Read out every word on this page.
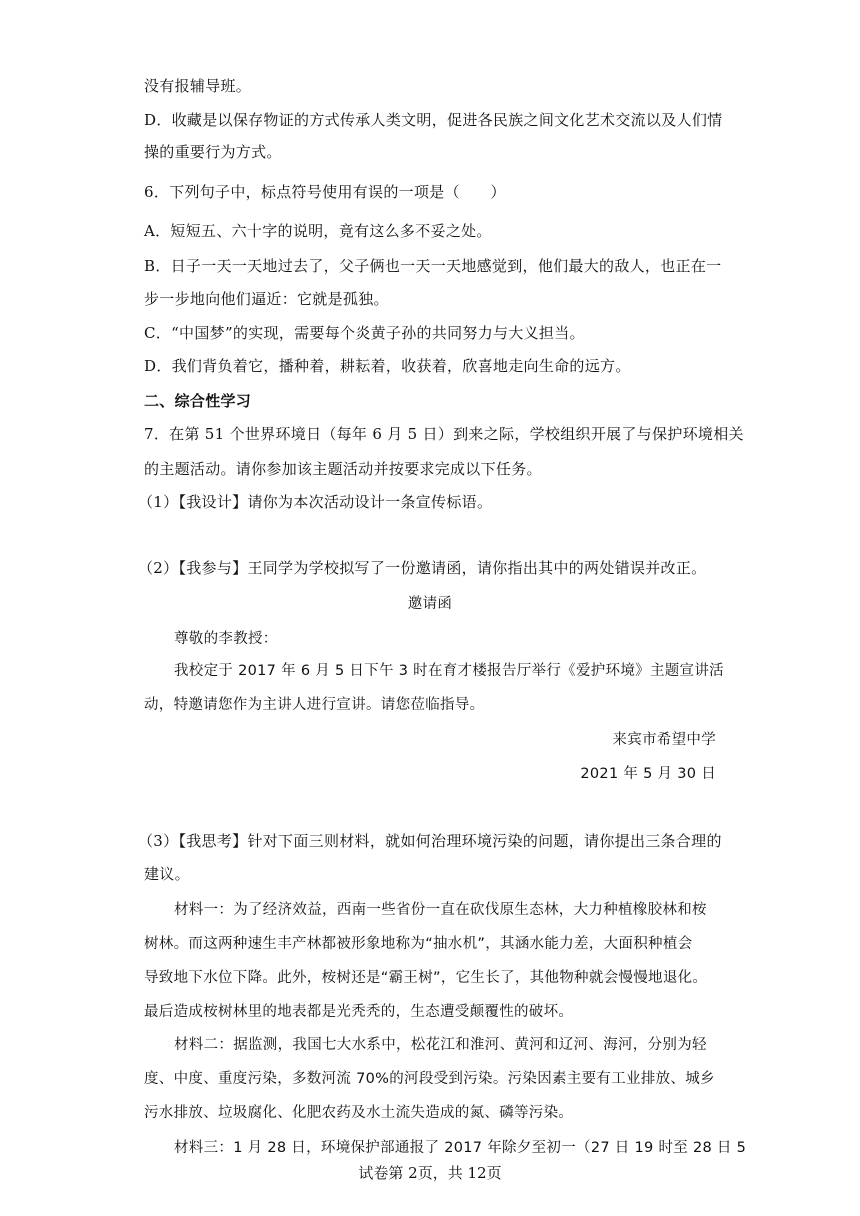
没有报辅导班。
D．收藏是以保存物证的方式传承人类文明，促进各民族之间文化艺术交流以及人们情
操的重要行为方式。
6．下列句子中，标点符号使用有误的一项是（　　）
A．短短五、六十字的说明，竟有这么多不妥之处。
B．日子一天一天地过去了，父子俩也一天一天地感觉到，他们最大的敌人，也正在一
步一步地向他们逼近：它就是孤独。
C．“中国梦”的实现，需要每个炎黄子孙的共同努力与大义担当。
D．我们背负着它，播种着，耕耘着，收获着，欣喜地走向生命的远方。
二、综合性学习
7．在第 51 个世界环境日（每年 6 月 5 日）到来之际，学校组织开展了与保护环境相关
的主题活动。请你参加该主题活动并按要求完成以下任务。
（1）【我设计】请你为本次活动设计一条宣传标语。
（2）【我参与】王同学为学校拟写了一份邀请函，请你指出其中的两处错误并改正。
邀请函
尊敬的李教授：
我校定于 2017 年 6 月 5 日下午 3 时在育才楼报告厅举行《爱护环境》主题宣讲活
动，特邀请您作为主讲人进行宣讲。请您莅临指导。
来宾市希望中学
2021 年 5 月 30 日
（3）【我思考】针对下面三则材料，就如何治理环境污染的问题，请你提出三条合理的
建议。
材料一：为了经济效益，西南一些省份一直在砍伐原生态林，大力种植橡胶林和桉
树林。而这两种速生丰产林都被形象地称为“抽水机”，其涵水能力差，大面积种植会
导致地下水位下降。此外，桉树还是“霸王树”，它生长了，其他物种就会慢慢地退化。
最后造成桉树林里的地表都是光秃秃的，生态遭受颠覆性的破坏。
材料二：据监测，我国七大水系中，松花江和淮河、黄河和辽河、海河，分别为轻
度、中度、重度污染，多数河流 70%的河段受到污染。污染因素主要有工业排放、城乡
污水排放、垃圾腐化、化肥农药及水土流失造成的氮、磷等污染。
材料三：1 月 28 日，环境保护部通报了 2017 年除夕至初一（27 日 19 时至 28 日 5
试卷第 2页，共 12页
